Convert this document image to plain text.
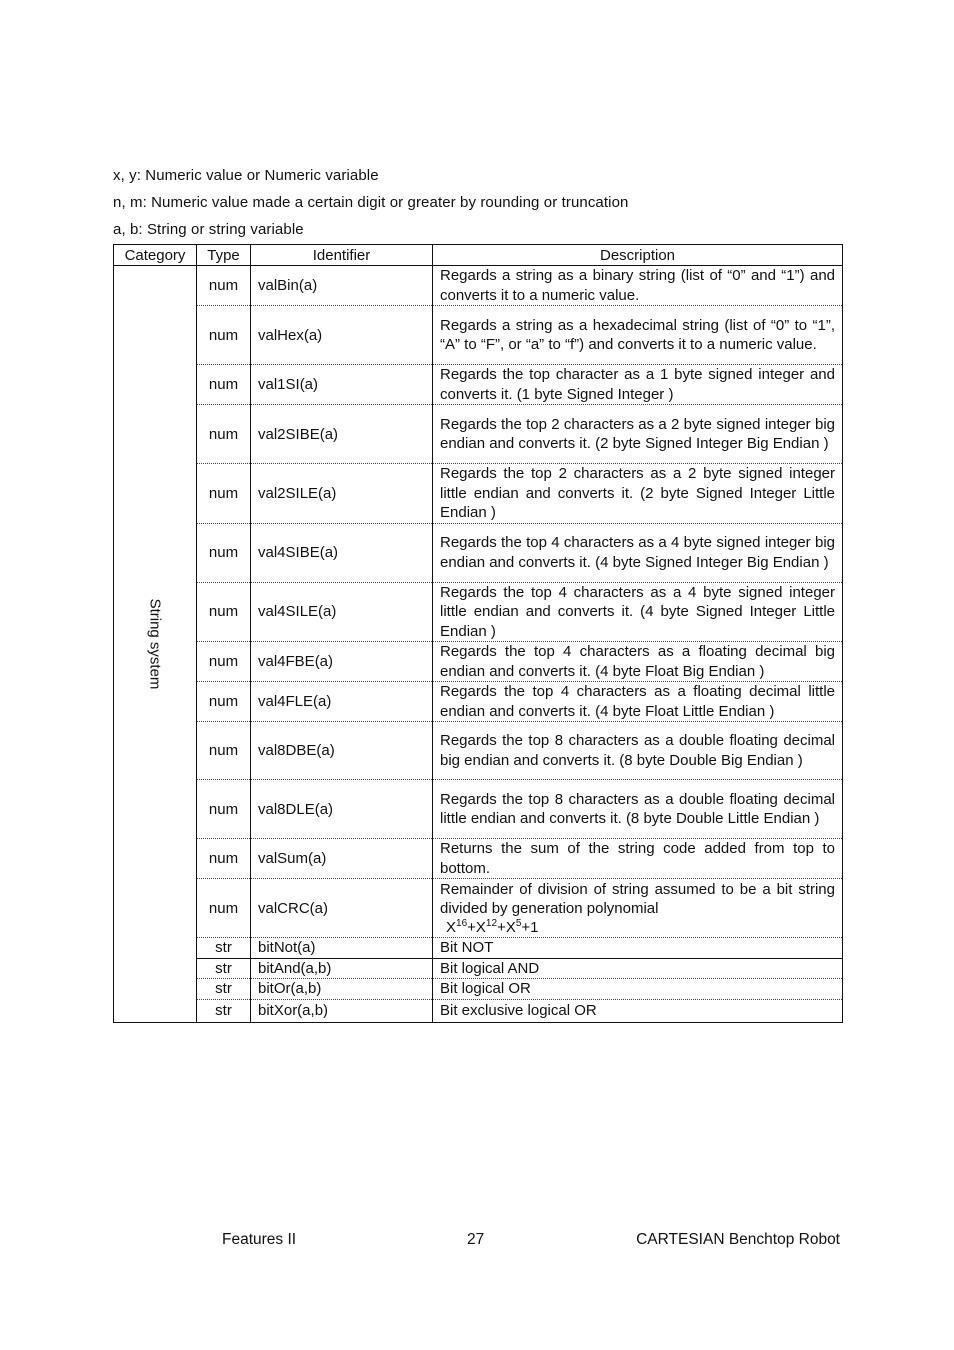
x, y: Numeric value or Numeric variable

n, m: Numeric value made a certain digit or greater by rounding or truncation

a, b: String or string variable

Category	Type	Identifier	Description

String system	num	valBin(a)	Regards a string as a binary string (list of “0” and “1”) and converts it to a numeric value.
	num	valHex(a)	Regards a string as a hexadecimal string (list of “0” to “1”, “A” to “F”, or “a” to “f”) and converts it to a numeric value.
	num	val1SI(a)	Regards the top character as a 1 byte signed integer and converts it. (1 byte Signed Integer )
	num	val2SIBE(a)	Regards the top 2 characters as a 2 byte signed integer big endian and converts it. (2 byte Signed Integer Big Endian )
	num	val2SILE(a)	Regards the top 2 characters as a 2 byte signed integer little endian and converts it. (2 byte Signed Integer Little Endian )
	num	val4SIBE(a)	Regards the top 4 characters as a 4 byte signed integer big endian and converts it. (4 byte Signed Integer Big Endian )
	num	val4SILE(a)	Regards the top 4 characters as a 4 byte signed integer little endian and converts it. (4 byte Signed Integer Little Endian )
	num	val4FBE(a)	Regards the top 4 characters as a floating decimal big endian and converts it. (4 byte Float Big Endian )
	num	val4FLE(a)	Regards the top 4 characters as a floating decimal little endian and converts it. (4 byte Float Little Endian )
	num	val8DBE(a)	Regards the top 8 characters as a double floating decimal big endian and converts it. (8 byte Double Big Endian )
	num	val8DLE(a)	Regards the top 8 characters as a double floating decimal little endian and converts it. (8 byte Double Little Endian )
	num	valSum(a)	Returns the sum of the string code added from top to bottom.
	num	valCRC(a)	Remainder of division of string assumed to be a bit string divided by generation polynomial
$X^{16}+X^{12}+X^5+1$
	str	bitNot(a)	Bit NOT
	str	bitAnd(a,b)	Bit logical AND
	str	bitOr(a,b)	Bit logical OR
	str	bitXor(a,b)	Bit exclusive logical OR
Features II	27	CARTESIAN Benchtop Robot
